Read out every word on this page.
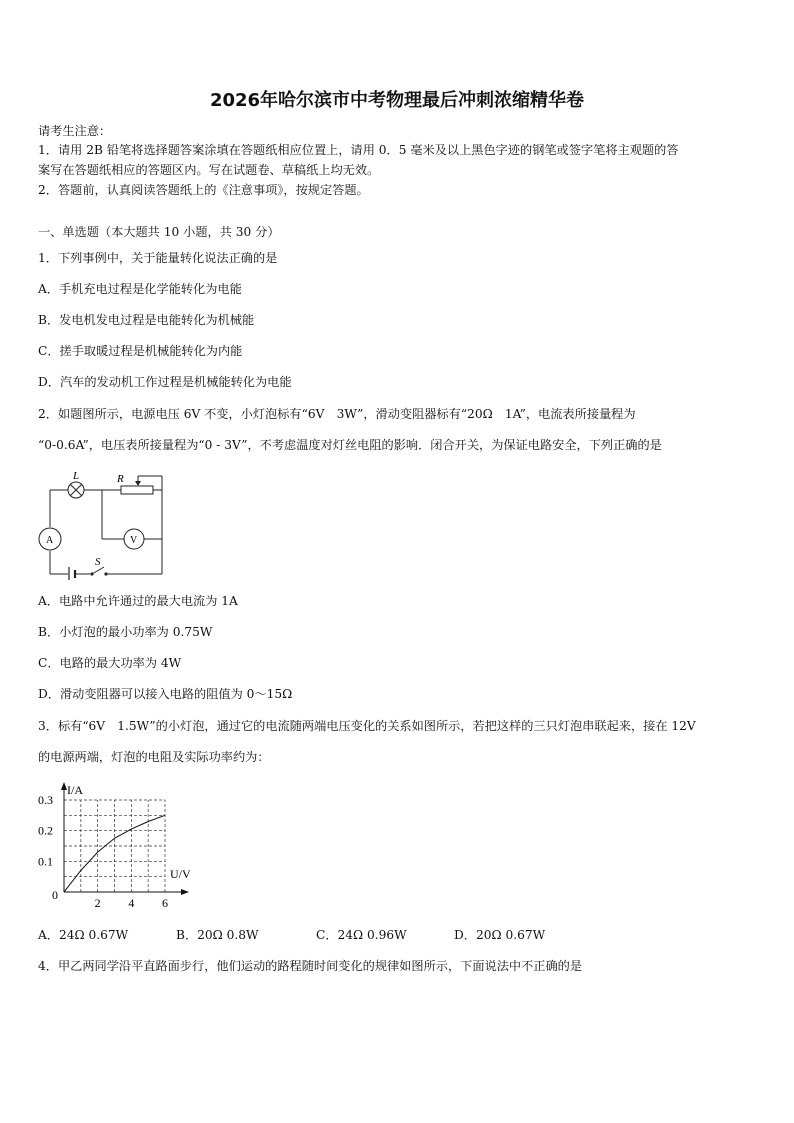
2026年哈尔滨市中考物理最后冲刺浓缩精华卷
请考生注意：
1．请用 2B 铅笔将选择题答案涂填在答题纸相应位置上，请用 0．5 毫米及以上黑色字迹的钢笔或签字笔将主观题的答
案写在答题纸相应的答题区内。写在试题卷、草稿纸上均无效。
2．答题前，认真阅读答题纸上的《注意事项》，按规定答题。
一、单选题（本大题共 10 小题，共 30 分）
1．下列事例中，关于能量转化说法正确的是
A．手机充电过程是化学能转化为电能
B．发电机发电过程是电能转化为机械能
C．搓手取暖过程是机械能转化为内能
D．汽车的发动机工作过程是机械能转化为电能
2．如题图所示，电源电压 6V 不变，小灯泡标有“6V　3W”，滑动变阻器标有“20Ω　1A”，电流表所接量程为
“0-0.6A”，电压表所接量程为“0 - 3V”，不考虑温度对灯丝电阻的影响．闭合开关，为保证电路安全，下列正确的是
S
L	R
V
A
A．电路中允许通过的最大电流为 1A
B．小灯泡的最小功率为 0.75W
C．电路的最大功率为 4W
D．滑动变阻器可以接入电路的阻值为 0～15Ω
3．标有“6V　1.5W”的小灯泡，通过它的电流随两端电压变化的关系如图所示，若把这样的三只灯泡串联起来，接在 12V
的电源两端，灯泡的电阻及实际功率约为：
I/A
U/V
0
2 4 6
0.1
0.2
0.3
A．24Ω 0.67W	B．20Ω 0.8W	C．24Ω 0.96W	D．20Ω 0.67W
4．甲乙两同学沿平直路面步行，他们运动的路程随时间变化的规律如图所示，下面说法中不正确的是
